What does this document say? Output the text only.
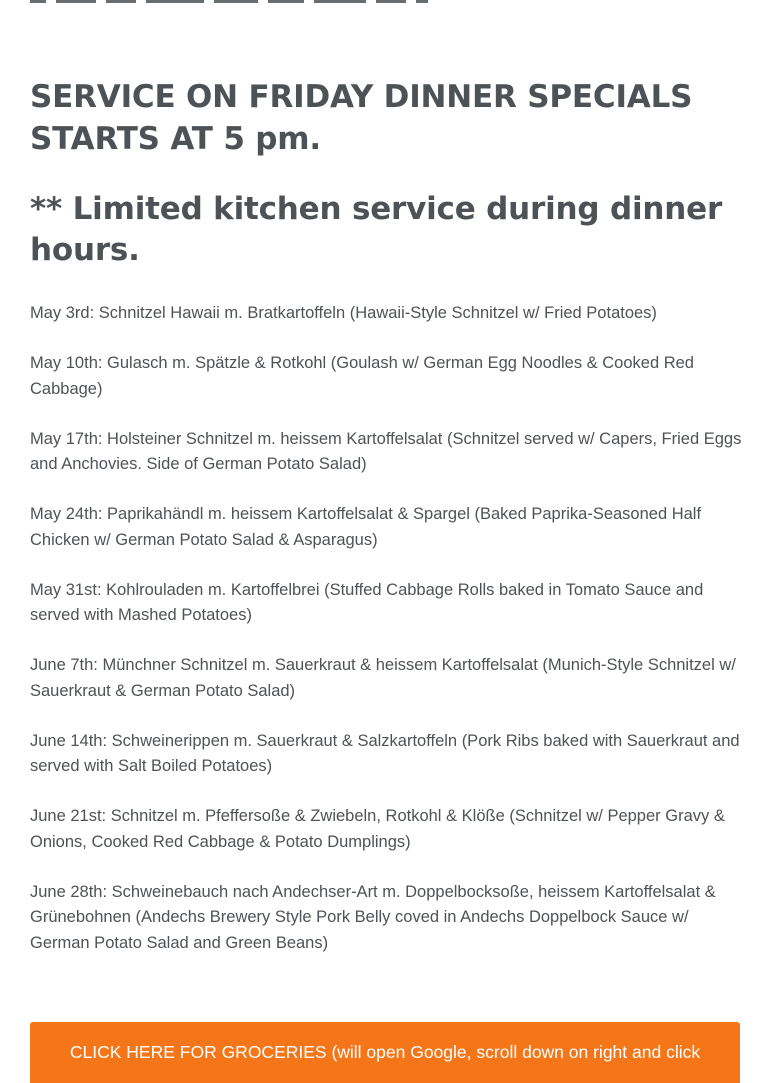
SERVICE ON FRIDAY DINNER SPECIALS STARTS AT 5 pm.
** Limited kitchen service during dinner hours.
May 3rd: Schnitzel Hawaii m. Bratkartoffeln (Hawaii-Style Schnitzel w/ Fried Potatoes)
May 10th: Gulasch m. Spätzle & Rotkohl (Goulash w/ German Egg Noodles & Cooked Red Cabbage)
May 17th: Holsteiner Schnitzel m. heissem Kartoffelsalat (Schnitzel served w/ Capers, Fried Eggs and Anchovies. Side of German Potato Salad)
May 24th: Paprikahändl m. heissem Kartoffelsalat & Spargel (Baked Paprika-Seasoned Half Chicken w/ German Potato Salad & Asparagus)
May 31st: Kohlrouladen m. Kartoffelbrei (Stuffed Cabbage Rolls baked in Tomato Sauce and served with Mashed Potatoes)
June 7th: Münchner Schnitzel m. Sauerkraut & heissem Kartoffelsalat (Munich-Style Schnitzel w/ Sauerkraut & German Potato Salad)
June 14th: Schweinerippen m. Sauerkraut & Salzkartoffeln (Pork Ribs baked with Sauerkraut and served with Salt Boiled Potatoes)
June 21st: Schnitzel m. Pfeffersoße & Zwiebeln, Rotkohl & Klöße (Schnitzel w/ Pepper Gravy & Onions, Cooked Red Cabbage & Potato Dumplings)
June 28th: Schweinebauch nach Andechser-Art m. Doppelbocksoße, heissem Kartoffelsalat & Grünebohnen (Andechs Brewery Style Pork Belly coved in Andechs Doppelbock Sauce w/ German Potato Salad and Green Beans)
CLICK HERE FOR GROCERIES (will open Google, scroll down on right and click
